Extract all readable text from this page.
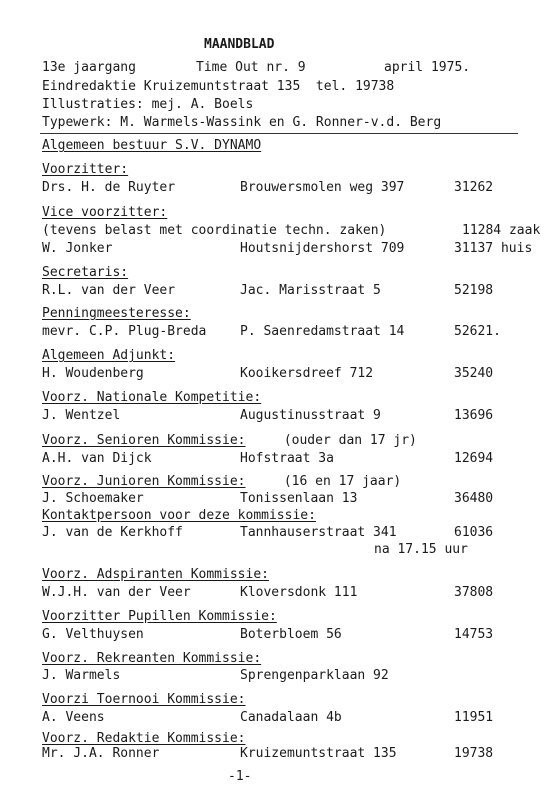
MAANDBLAD
13e jaargang	Time Out nr. 9	april 1975.
Eindredaktie Kruizemuntstraat 135  tel. 19738
Illustraties: mej. A. Boels
Typewerk: M. Warmels-Wassink en G. Ronner-v.d. Berg
Algemeen bestuur S.V. DYNAMO
Voorzitter:
Drs. H. de Ruyter	Brouwersmolen weg 397	31262
Vice voorzitter:
(tevens belast met coordinatie techn. zaken)	11284 zaak
W. Jonker	Houtsnijdershorst 709	31137 huis
Secretaris:
R.L. van der Veer	Jac. Marisstraat 5	52198
Penningmeesteresse:
mevr. C.P. Plug-Breda	P. Saenredamstraat 14	52621.
Algemeen Adjunkt:
H. Woudenberg	Kooikersdreef 712	35240
Voorz. Nationale Kompetitie:
J. Wentzel	Augustinusstraat 9	13696
Voorz. Senioren Kommissie: (ouder dan 17 jr)
A.H. van Dijck	Hofstraat 3a	12694
Voorz. Junioren Kommissie: (16 en 17 jaar)
J. Schoemaker	Tonissenlaan 13	36480
Kontaktpersoon voor deze kommissie:
J. van de Kerkhoff	Tannhauserstraat 341	61036
na 17.15 uur
Voorz. Adspiranten Kommissie:
W.J.H. van der Veer	Kloversdonk 111	37808
Voorzitter Pupillen Kommissie:
G. Velthuysen	Boterbloem 56	14753
Voorz. Rekreanten Kommissie:
J. Warmels	Sprengenparklaan 92
Voorzi Toernooi Kommissie:
A. Veens	Canadalaan 4b	11951
Voorz. Redaktie Kommissie:
Mr. J.A. Ronner	Kruizemuntstraat 135	19738
-1-
